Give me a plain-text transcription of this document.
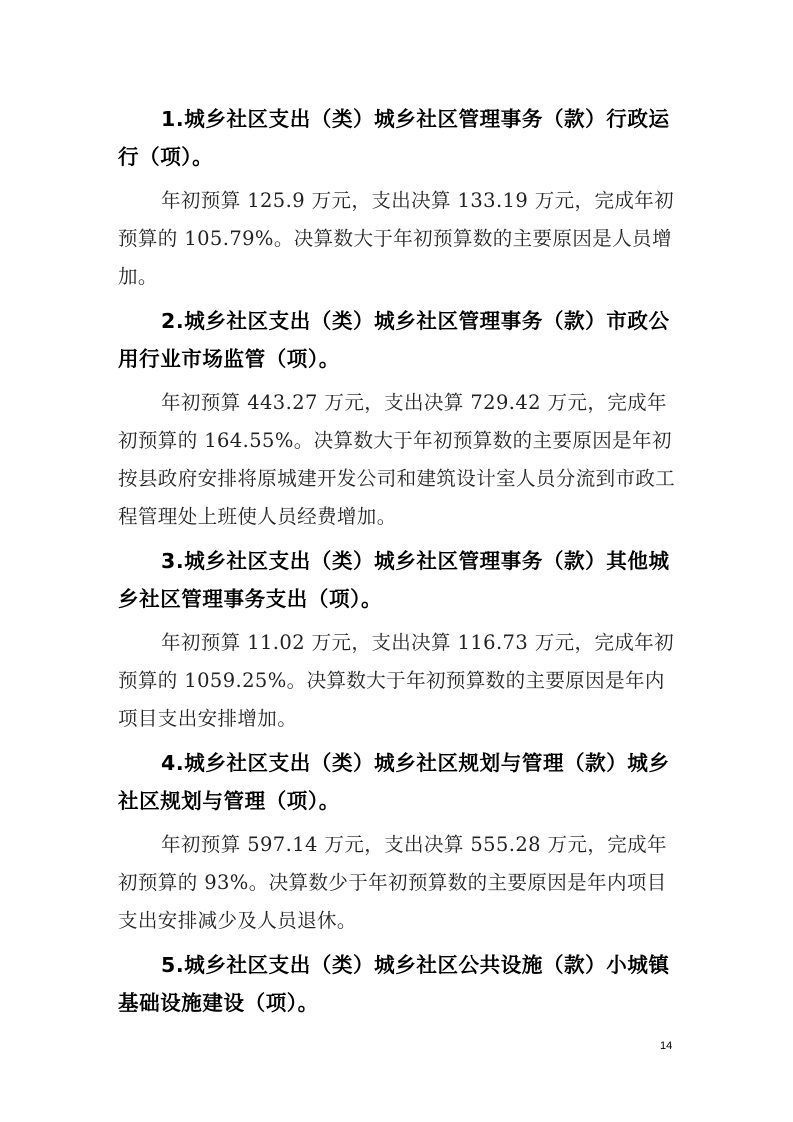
1.城乡社区支出（类）城乡社区管理事务（款）行政运行（项）。

年初预算 125.9 万元，支出决算 133.19 万元，完成年初预算的 105.79%。决算数大于年初预算数的主要原因是人员增加。

2.城乡社区支出（类）城乡社区管理事务（款）市政公用行业市场监管（项）。

年初预算 443.27 万元，支出决算 729.42 万元，完成年初预算的 164.55%。决算数大于年初预算数的主要原因是年初按县政府安排将原城建开发公司和建筑设计室人员分流到市政工程管理处上班使人员经费增加。

3.城乡社区支出（类）城乡社区管理事务（款）其他城乡社区管理事务支出（项）。

年初预算 11.02 万元，支出决算 116.73 万元，完成年初预算的 1059.25%。决算数大于年初预算数的主要原因是年内项目支出安排增加。

4.城乡社区支出（类）城乡社区规划与管理（款）城乡社区规划与管理（项）。

年初预算 597.14 万元，支出决算 555.28 万元，完成年初预算的 93%。决算数少于年初预算数的主要原因是年内项目支出安排减少及人员退休。

5.城乡社区支出（类）城乡社区公共设施（款）小城镇基础设施建设（项）。

14
